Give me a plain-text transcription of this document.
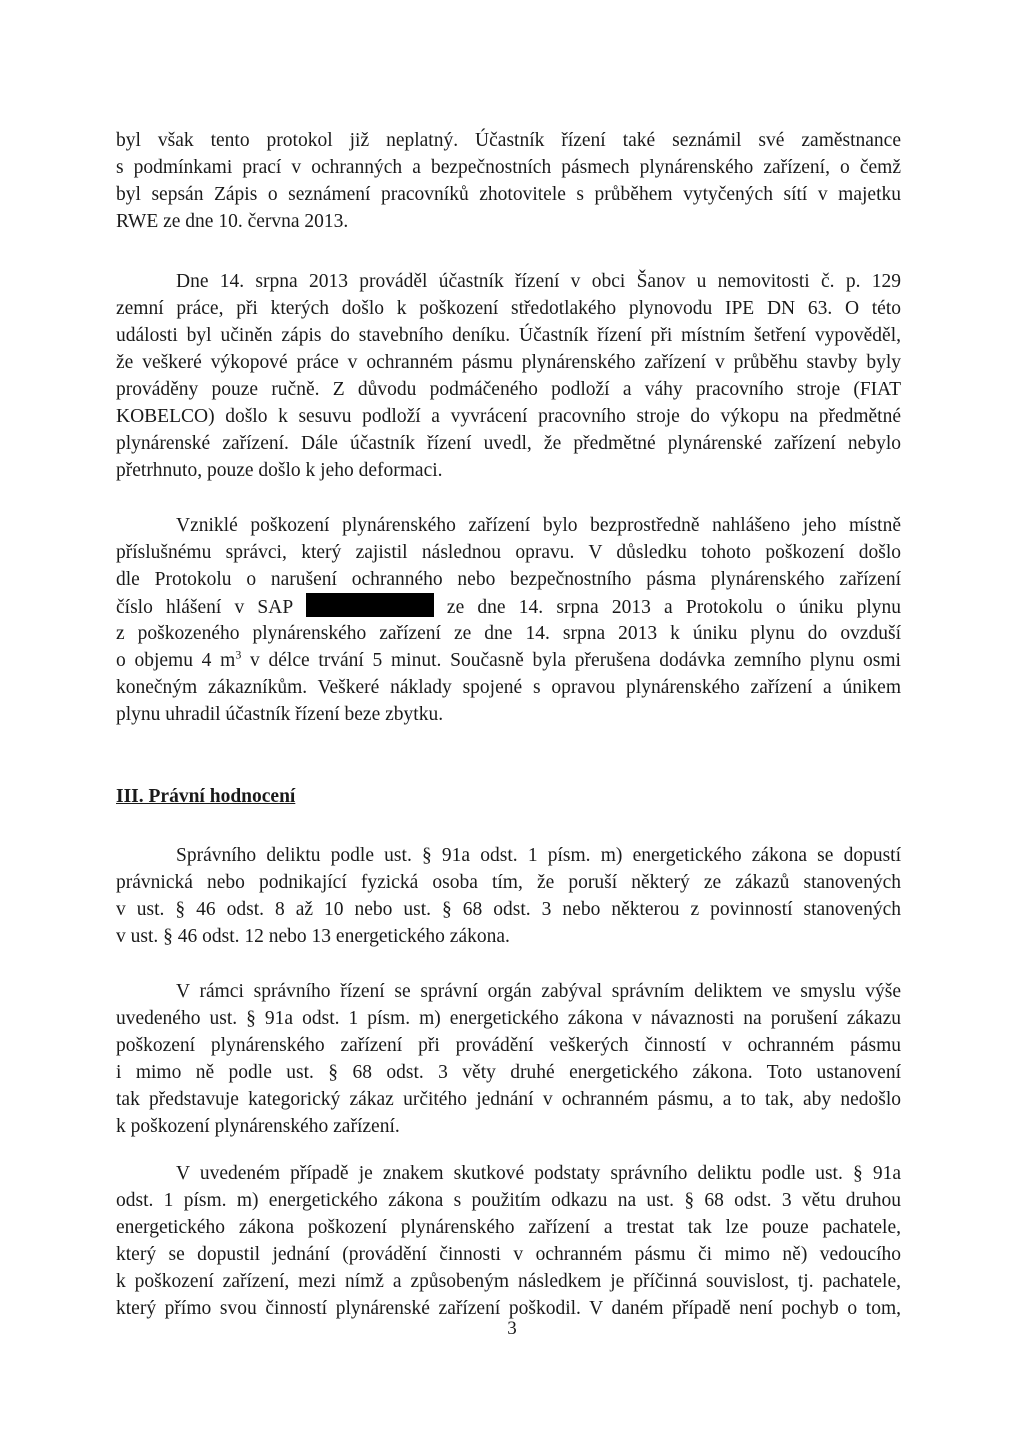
byl však tento protokol již neplatný. Účastník řízení také seznámil své zaměstnance
s podmínkami prací v ochranných a bezpečnostních pásmech plynárenského zařízení, o čemž
byl sepsán Zápis o seznámení pracovníků zhotovitele s průběhem vytyčených sítí v majetku
RWE ze dne 10. června 2013.
Dne 14. srpna 2013 prováděl účastník řízení v obci Šanov u nemovitosti č. p. 129
zemní práce, při kterých došlo k poškození středotlakého plynovodu IPE DN 63. O této
události byl učiněn zápis do stavebního deníku. Účastník řízení při místním šetření vypověděl,
že veškeré výkopové práce v ochranném pásmu plynárenského zařízení v průběhu stavby byly
prováděny pouze ručně. Z důvodu podmáčeného podloží a váhy pracovního stroje (FIAT
KOBELCO) došlo k sesuvu podloží a vyvrácení pracovního stroje do výkopu na předmětné
plynárenské zařízení. Dále účastník řízení uvedl, že předmětné plynárenské zařízení nebylo
přetrhnuto, pouze došlo k jeho deformaci.
Vzniklé poškození plynárenského zařízení bylo bezprostředně nahlášeno jeho místně
příslušnému správci, který zajistil následnou opravu. V důsledku tohoto poškození došlo
dle Protokolu o narušení ochranného nebo bezpečnostního pásma plynárenského zařízení
číslo hlášení v SAP	ze dne 14. srpna 2013 a Protokolu o úniku plynu
z poškozeného plynárenského zařízení ze dne 14. srpna 2013 k úniku plynu do ovzduší
o objemu 4 $m^3$ v délce trvání 5 minut. Současně byla přerušena dodávka zemního plynu osmi
konečným zákazníkům. Veškeré náklady spojené s opravou plynárenského zařízení a únikem
plynu uhradil účastník řízení beze zbytku.
III. Právní hodnocení
Správního deliktu podle ust. § 91a odst. 1 písm. m) energetického zákona se dopustí
právnická nebo podnikající fyzická osoba tím, že poruší některý ze zákazů stanovených
v ust. § 46 odst. 8 až 10 nebo ust. § 68 odst. 3 nebo některou z povinností stanovených
v ust. § 46 odst. 12 nebo 13 energetického zákona.
V rámci správního řízení se správní orgán zabýval správním deliktem ve smyslu výše
uvedeného ust. § 91a odst. 1 písm. m) energetického zákona v návaznosti na porušení zákazu
poškození plynárenského zařízení při provádění veškerých činností v ochranném pásmu
i mimo ně podle ust. § 68 odst. 3 věty druhé energetického zákona. Toto ustanovení
tak představuje kategorický zákaz určitého jednání v ochranném pásmu, a to tak, aby nedošlo
k poškození plynárenského zařízení.
V uvedeném případě je znakem skutkové podstaty správního deliktu podle ust. § 91a
odst. 1 písm. m) energetického zákona s použitím odkazu na ust. § 68 odst. 3 větu druhou
energetického zákona poškození plynárenského zařízení a trestat tak lze pouze pachatele,
který se dopustil jednání (provádění činnosti v ochranném pásmu či mimo ně) vedoucího
k poškození zařízení, mezi nímž a způsobeným následkem je příčinná souvislost, tj. pachatele,
který přímo svou činností plynárenské zařízení poškodil. V daném případě není pochyb o tom,
3
